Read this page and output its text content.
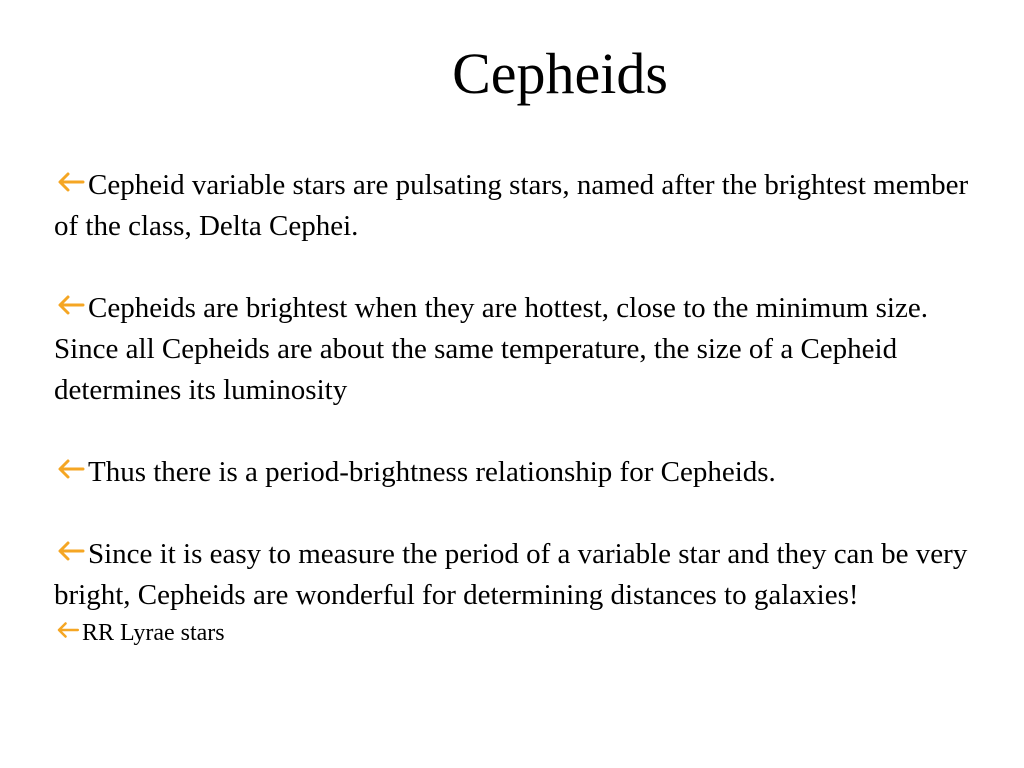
Cepheids
Cepheid variable stars are pulsating stars, named after the brightest member of the class, Delta Cephei.
Cepheids are brightest when they are hottest, close to the minimum size. Since all Cepheids are about the same temperature, the size of a Cepheid determines its luminosity
Thus there is a period-brightness relationship for Cepheids.
Since it is easy to measure the period of a variable star and they can be very bright, Cepheids are wonderful for determining distances to galaxies!
RR Lyrae stars
